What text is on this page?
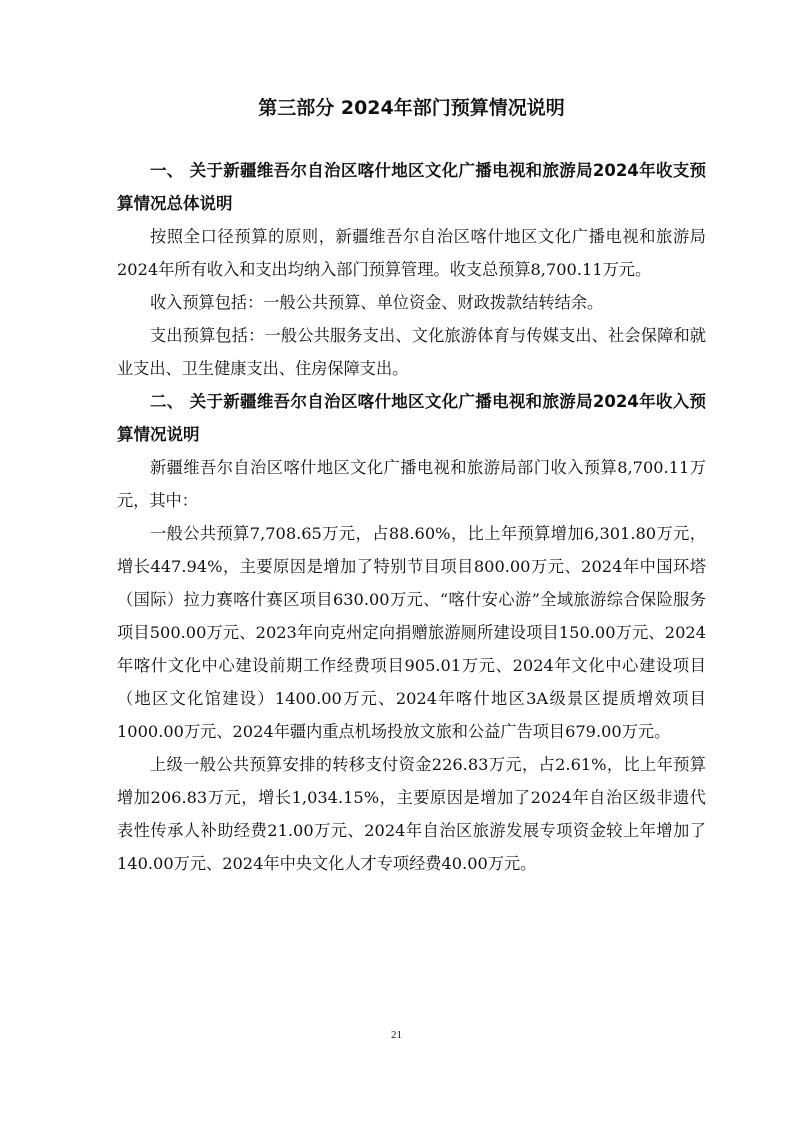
第三部分 2024年部门预算情况说明
一、 关于新疆维吾尔自治区喀什地区文化广播电视和旅游局2024年收支预算情况总体说明

按照全口径预算的原则，新疆维吾尔自治区喀什地区文化广播电视和旅游局2024年所有收入和支出均纳入部门预算管理。收支总预算8,700.11万元。

收入预算包括：一般公共预算、单位资金、财政拨款结转结余。

支出预算包括：一般公共服务支出、文化旅游体育与传媒支出、社会保障和就业支出、卫生健康支出、住房保障支出。

二、 关于新疆维吾尔自治区喀什地区文化广播电视和旅游局2024年收入预算情况说明

新疆维吾尔自治区喀什地区文化广播电视和旅游局部门收入预算8,700.11万元，其中：

一般公共预算7,708.65万元，占88.60%，比上年预算增加6,301.80万元，增长447.94%，主要原因是增加了特别节目项目800.00万元、2024年中国环塔（国际）拉力赛喀什赛区项目630.00万元、“喀什安心游”全域旅游综合保险服务项目500.00万元、2023年向克州定向捐赠旅游厕所建设项目150.00万元、2024年喀什文化中心建设前期工作经费项目905.01万元、2024年文化中心建设项目（地区文化馆建设）1400.00万元、2024年喀什地区3A级景区提质增效项目1000.00万元、2024年疆内重点机场投放文旅和公益广告项目679.00万元。

上级一般公共预算安排的转移支付资金226.83万元，占2.61%，比上年预算增加206.83万元，增长1,034.15%，主要原因是增加了2024年自治区级非遗代表性传承人补助经费21.00万元、2024年自治区旅游发展专项资金较上年增加了140.00万元、2024年中央文化人才专项经费40.00万元。

21
